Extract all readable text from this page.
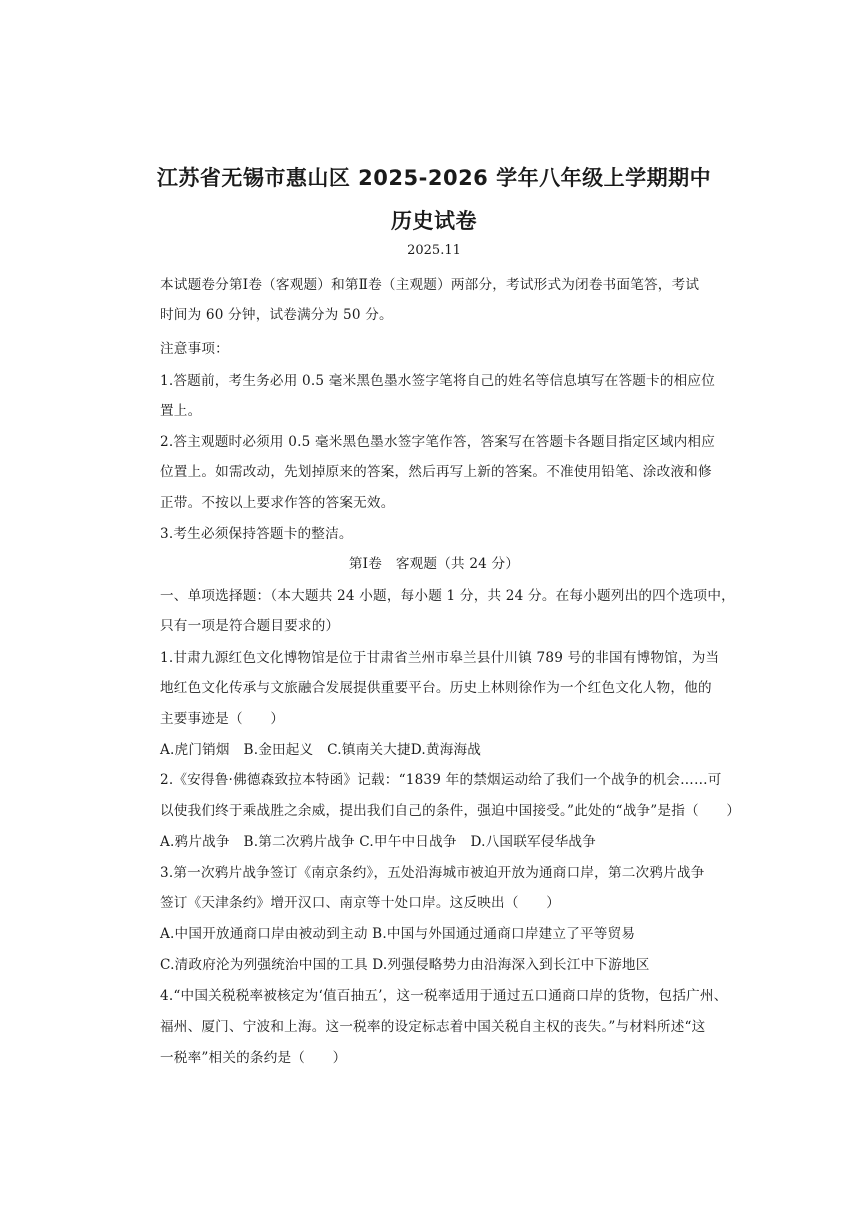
江苏省无锡市惠山区 2025-2026 学年八年级上学期期中
历史试卷
2025.11
本试题卷分第Ⅰ卷（客观题）和第Ⅱ卷（主观题）两部分，考试形式为闭卷书面笔答，考试
时间为 60 分钟，试卷满分为 50 分。
注意事项：
1.答题前，考生务必用 0.5 毫米黑色墨水签字笔将自己的姓名等信息填写在答题卡的相应位
置上。
2.答主观题时必须用 0.5 毫米黑色墨水签字笔作答，答案写在答题卡各题目指定区域内相应
位置上。如需改动，先划掉原来的答案，然后再写上新的答案。不准使用铅笔、涂改液和修
正带。不按以上要求作答的答案无效。
3.考生必须保持答题卡的整洁。
第Ⅰ卷　客观题（共 24 分）
一、单项选择题：（本大题共 24 小题，每小题 1 分，共 24 分。在每小题列出的四个选项中，
只有一项是符合题目要求的）
1.甘肃九源红色文化博物馆是位于甘肃省兰州市皋兰县什川镇 789 号的非国有博物馆，为当
地红色文化传承与文旅融合发展提供重要平台。历史上林则徐作为一个红色文化人物，他的
主要事迹是（　　）
A.虎门销烟　B.金田起义　C.镇南关大捷D.黄海海战
2.《安得鲁·佛德森致拉本特函》记载：“1839 年的禁烟运动给了我们一个战争的机会……可
以使我们终于乘战胜之余威，提出我们自己的条件，强迫中国接受。”此处的“战争”是指（　　）
A.鸦片战争　B.第二次鸦片战争 C.甲午中日战争　D.八国联军侵华战争
3.第一次鸦片战争签订《南京条约》，五处沿海城市被迫开放为通商口岸，第二次鸦片战争
签订《天津条约》增开汉口、南京等十处口岸。这反映出（　　）
A.中国开放通商口岸由被动到主动 B.中国与外国通过通商口岸建立了平等贸易
C.清政府沦为列强统治中国的工具 D.列强侵略势力由沿海深入到长江中下游地区
4.“中国关税税率被核定为‘值百抽五’，这一税率适用于通过五口通商口岸的货物，包括广州、
福州、厦门、宁波和上海。这一税率的设定标志着中国关税自主权的丧失。”与材料所述“这
一税率”相关的条约是（　　）
